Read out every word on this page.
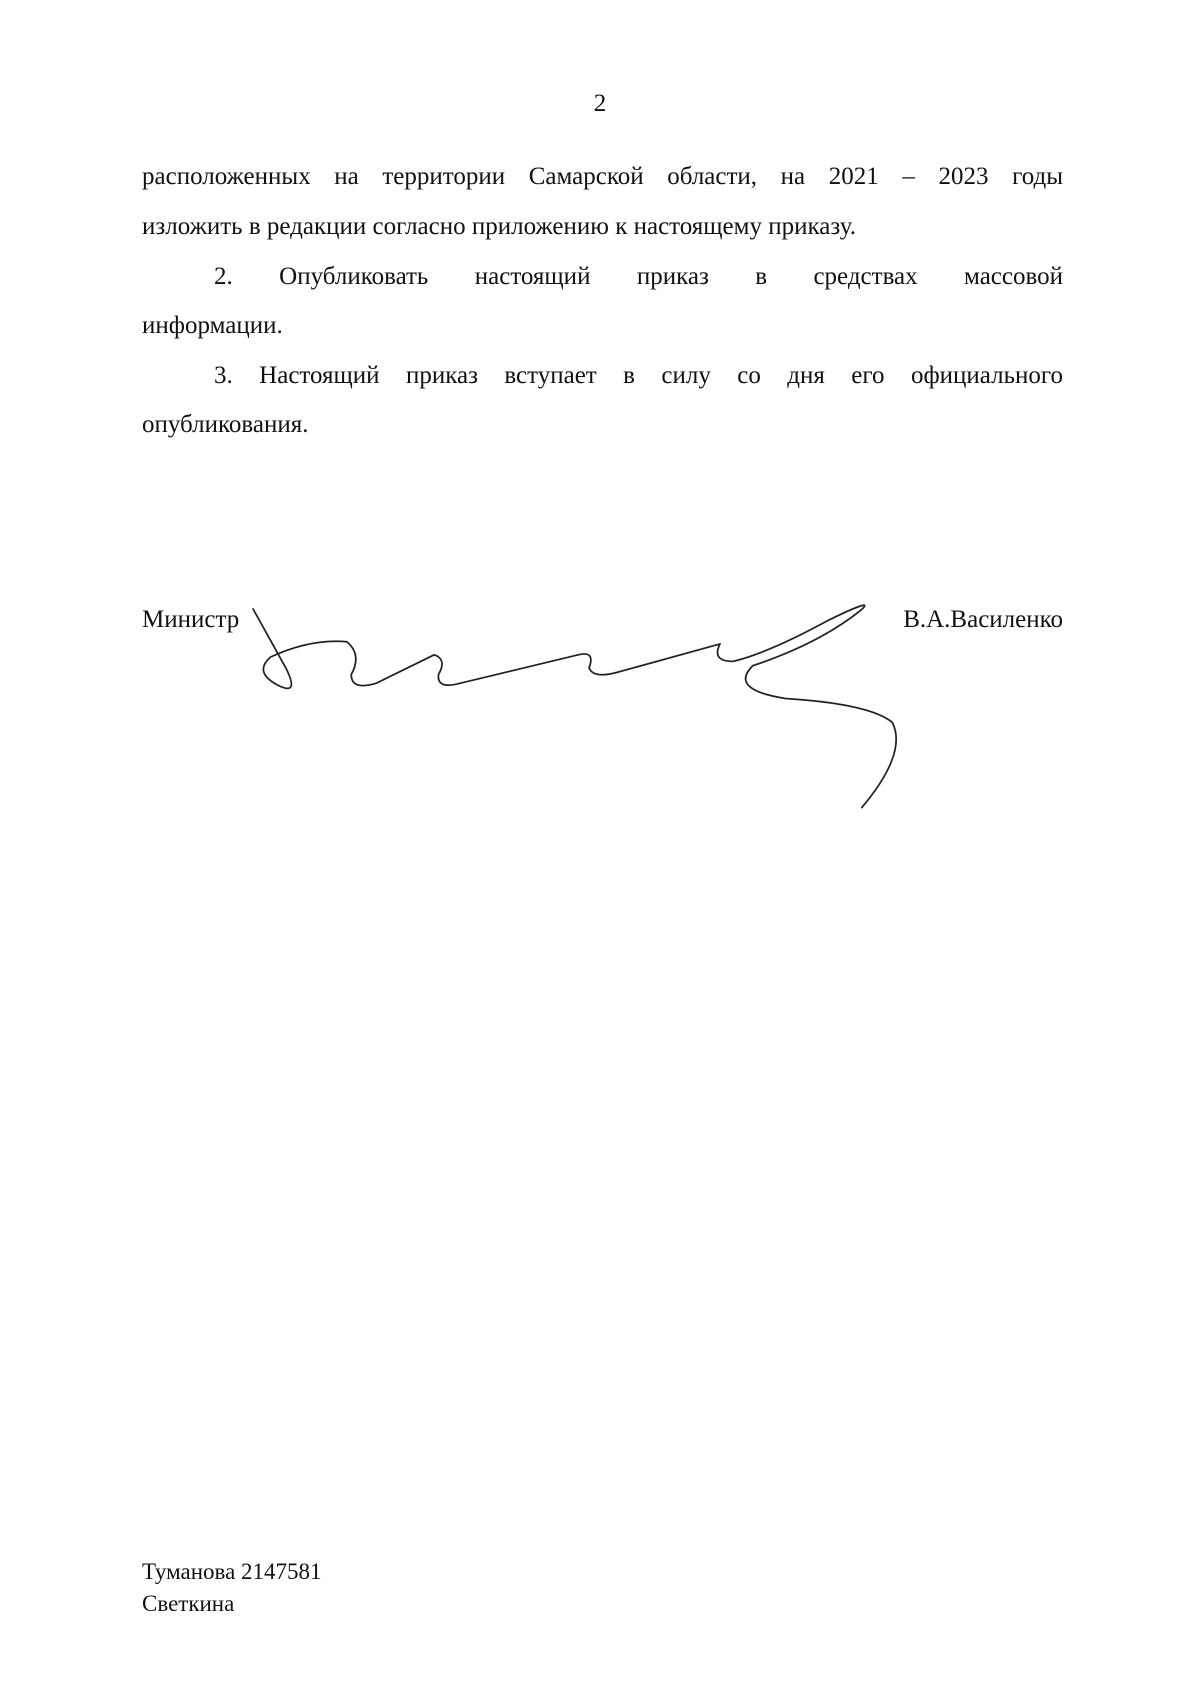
2
расположенных на территории Самарской области, на 2021 – 2023 годы
изложить в редакции согласно приложению к настоящему приказу.
2. Опубликовать настоящий приказ в средствах массовой
информации.
3. Настоящий приказ вступает в силу со дня его официального
опубликования.
Министр	В.А.Василенко
Туманова 2147581
Светкина
